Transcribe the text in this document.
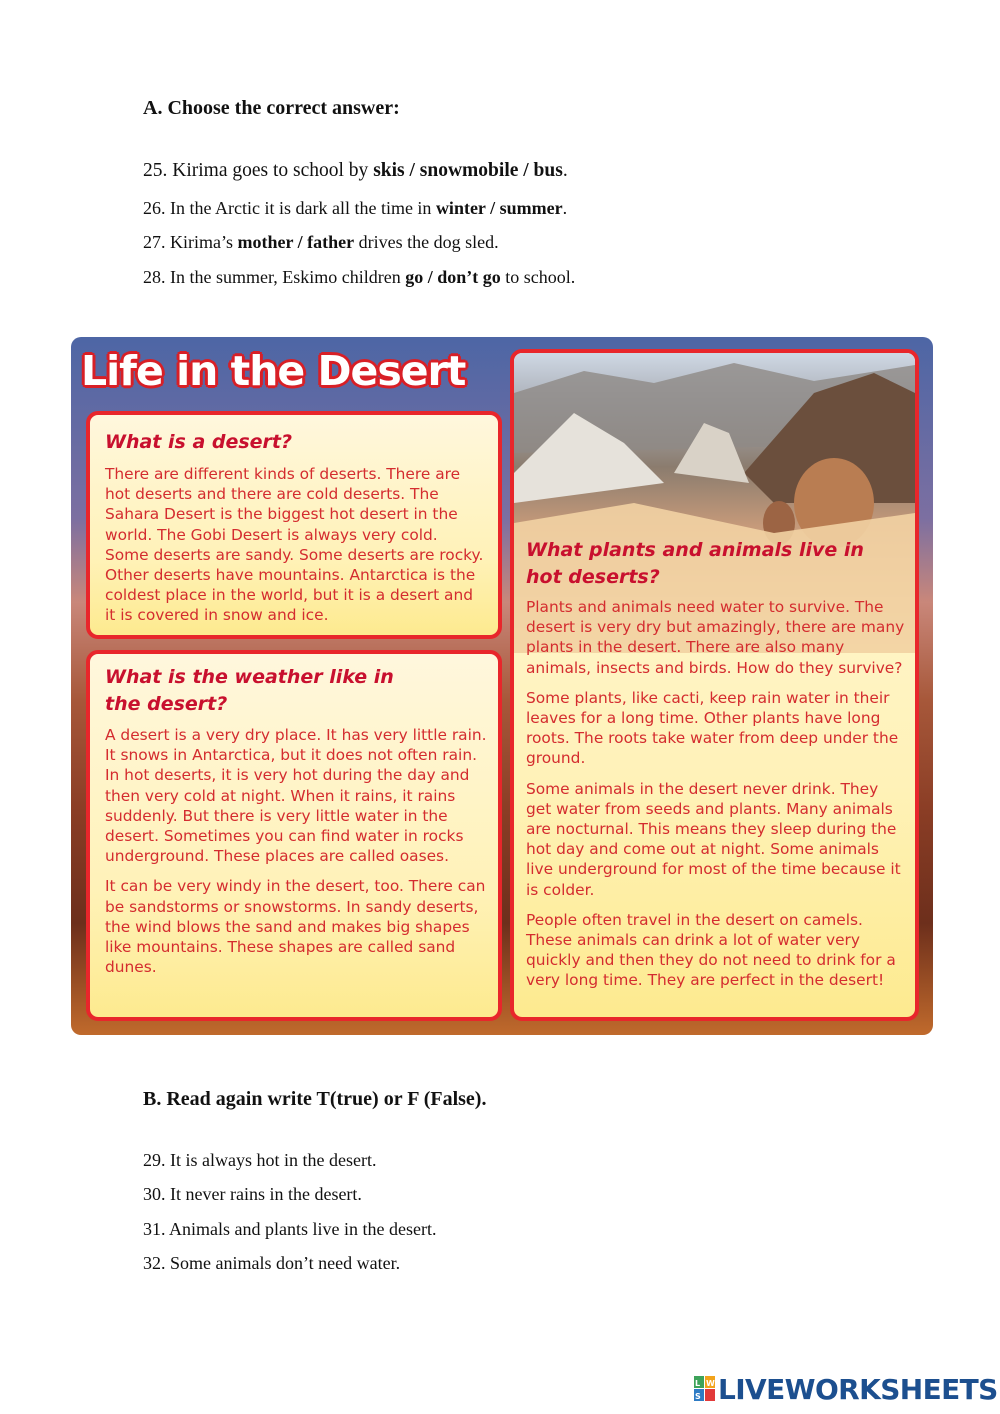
A. Choose the correct answer:
25. Kirima goes to school by skis / snowmobile / bus.
26. In the Arctic it is dark all the time in winter / summer.
27. Kirima’s mother / father drives the dog sled.
28. In the summer, Eskimo children go / don’t go to school.
Life in the Desert
What is a desert?

There are different kinds of deserts. There are hot deserts and there are cold deserts. The Sahara Desert is the biggest hot desert in the world. The Gobi Desert is always very cold. Some deserts are sandy. Some deserts are rocky. Other deserts have mountains. Antarctica is the coldest place in the world, but it is a desert and it is covered in snow and ice.

What is the weather like in the desert?

A desert is a very dry place. It has very little rain. It snows in Antarctica, but it does not often rain. In hot deserts, it is very hot during the day and then very cold at night. When it rains, it rains suddenly. But there is very little water in the desert. Sometimes you can find water in rocks underground. These places are called oases.

It can be very windy in the desert, too. There can be sandstorms or snowstorms. In sandy deserts, the wind blows the sand and makes big shapes like mountains. These shapes are called sand dunes.

What plants and animals live in hot deserts?

Plants and animals need water to survive. The desert is very dry but amazingly, there are many plants in the desert. There are also many animals, insects and birds. How do they survive?

Some plants, like cacti, keep rain water in their leaves for a long time. Other plants have long roots. The roots take water from deep under the ground.

Some animals in the desert never drink. They get water from seeds and plants. Many animals are nocturnal. This means they sleep during the hot day and come out at night. Some animals live underground for most of the time because it is colder.

People often travel in the desert on camels. These animals can drink a lot of water very quickly and then they do not need to drink for a very long time. They are perfect in the desert!

B. Read again write T(true) or F (False).
29. It is always hot in the desert.
30. It never rains in the desert.
31. Animals and plants live in the desert.
32. Some animals don’t need water.
L W
S LIVEWORKSHEETS
